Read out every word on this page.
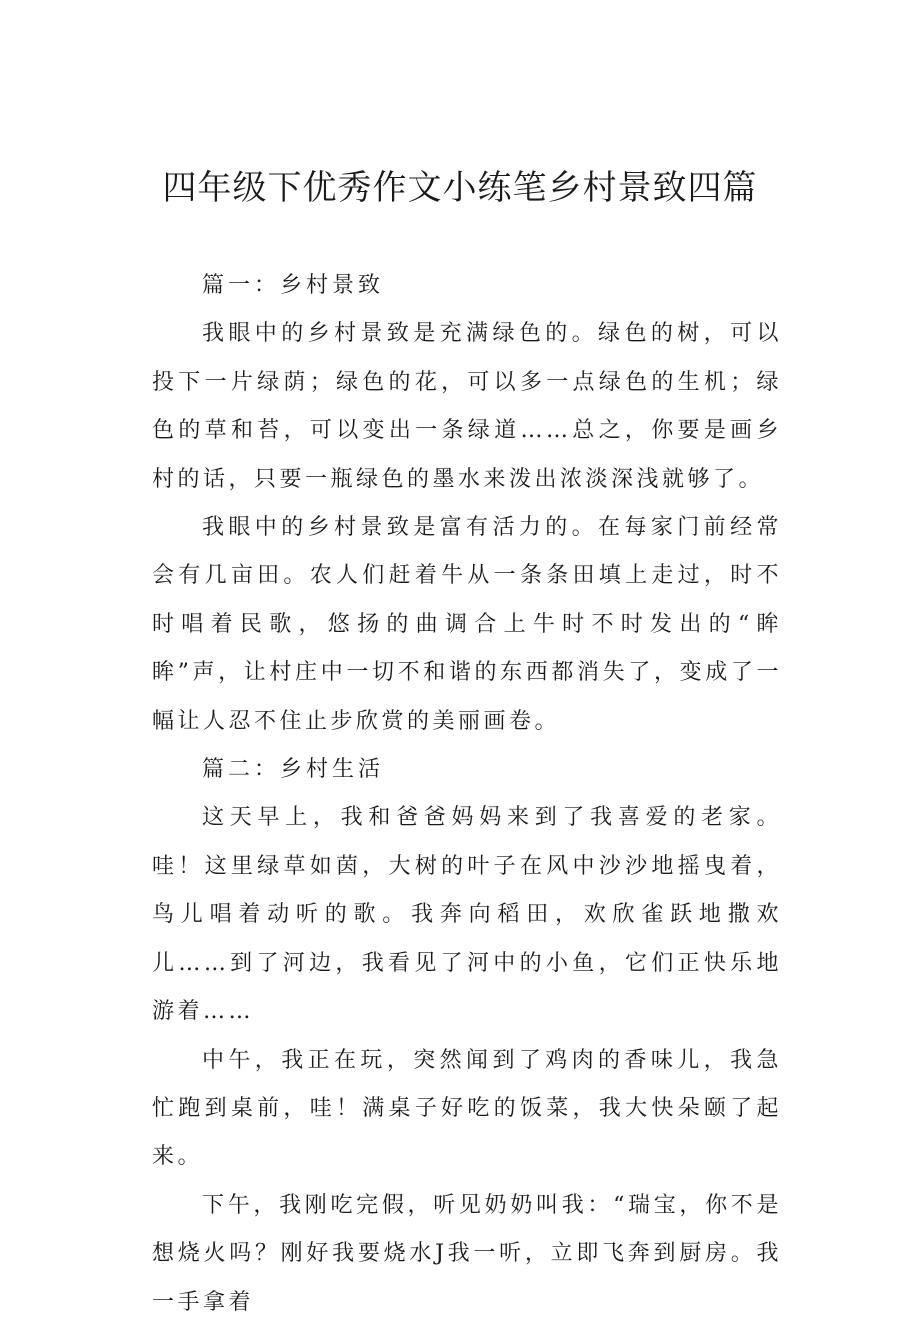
四年级下优秀作文小练笔乡村景致四篇

篇一：乡村景致

我眼中的乡村景致是充满绿色的。绿色的树，可以投下一片绿荫；绿色的花，可以多一点绿色的生机；绿色的草和苔，可以变出一条绿道……总之，你要是画乡村的话，只要一瓶绿色的墨水来泼出浓淡深浅就够了。

我眼中的乡村景致是富有活力的。在每家门前经常会有几亩田。农人们赶着牛从一条条田填上走过，时不时唱着民歌，悠扬的曲调合上牛时不时发出的“眸眸”声，让村庄中一切不和谐的东西都消失了，变成了一幅让人忍不住止步欣赏的美丽画卷。

篇二：乡村生活

这天早上，我和爸爸妈妈来到了我喜爱的老家。哇！这里绿草如茵，大树的叶子在风中沙沙地摇曳着，鸟儿唱着动听的歌。我奔向稻田，欢欣雀跃地撒欢儿……到了河边，我看见了河中的小鱼，它们正快乐地游着……

中午，我正在玩，突然闻到了鸡肉的香味儿，我急忙跑到桌前，哇！满桌子好吃的饭菜，我大快朵颐了起来。

下午，我刚吃完假，听见奶奶叫我：“瑞宝，你不是想烧火吗？刚好我要烧水J我一听，立即飞奔到厨房。我一手拿着
